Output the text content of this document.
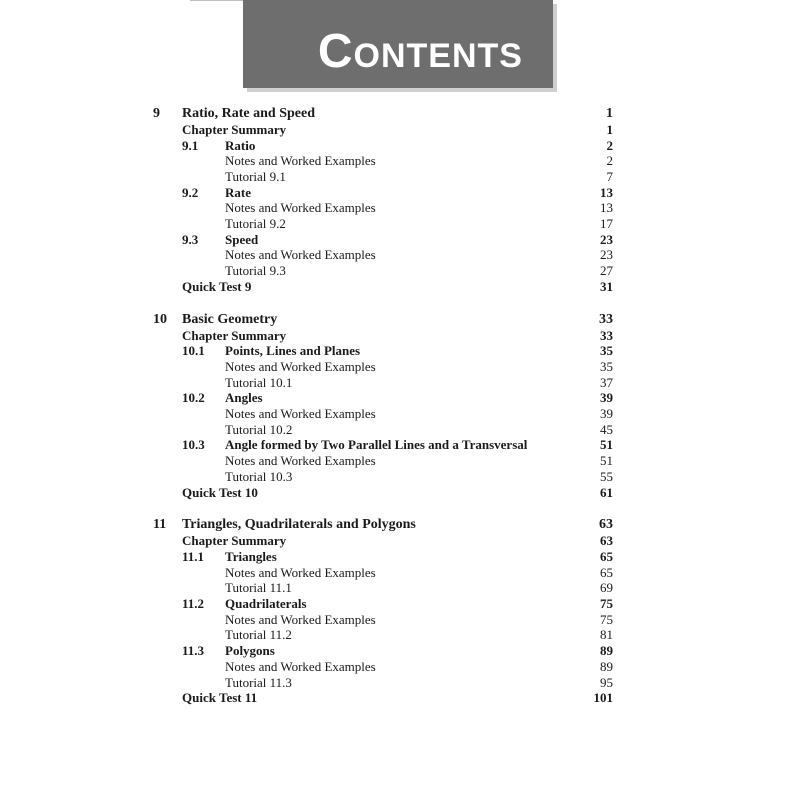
Contents
9 Ratio, Rate and Speed	1
Chapter Summary	1
9.1 Ratio	2
Notes and Worked Examples	2
Tutorial 9.1	7
9.2 Rate	13
Notes and Worked Examples	13
Tutorial 9.2	17
9.3 Speed	23
Notes and Worked Examples	23
Tutorial 9.3	27
Quick Test 9	31
10 Basic Geometry	33
Chapter Summary	33
10.1 Points, Lines and Planes	35
Notes and Worked Examples	35
Tutorial 10.1	37
10.2 Angles	39
Notes and Worked Examples	39
Tutorial 10.2	45
10.3 Angle formed by Two Parallel Lines and a Transversal	51
Notes and Worked Examples	51
Tutorial 10.3	55
Quick Test 10	61
11 Triangles, Quadrilaterals and Polygons	63
Chapter Summary	63
11.1 Triangles	65
Notes and Worked Examples	65
Tutorial 11.1	69
11.2 Quadrilaterals	75
Notes and Worked Examples	75
Tutorial 11.2	81
11.3 Polygons	89
Notes and Worked Examples	89
Tutorial 11.3	95
Quick Test 11	101
